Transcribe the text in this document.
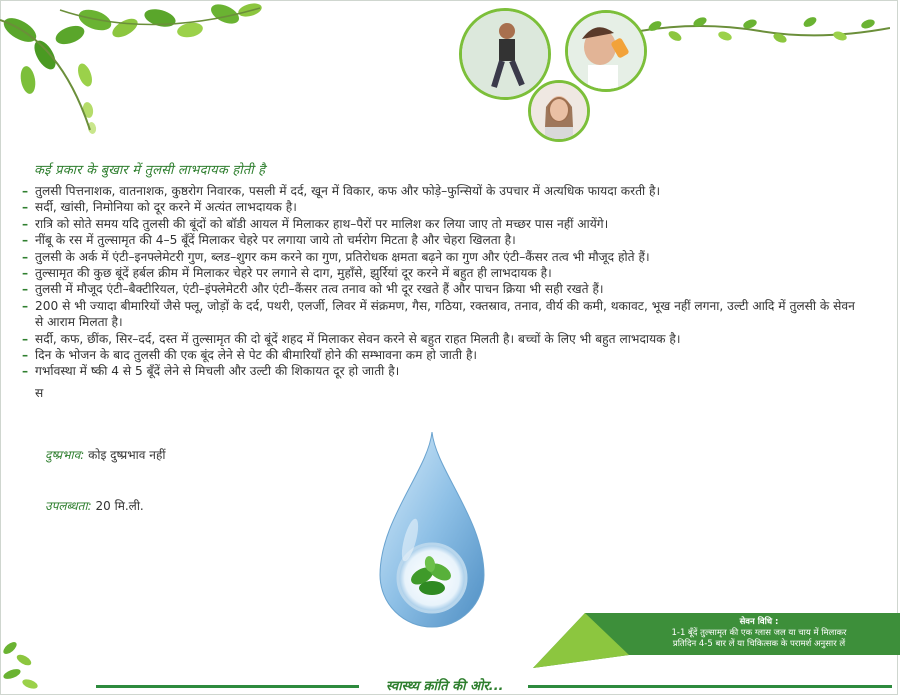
कई प्रकार के बुखार में तुलसी लाभदायक होती है
– तुलसी पित्तनाशक, वातनाशक, कुष्ठरोग निवारक, पसली में दर्द, खून में विकार, कफ और फोड़े–फुन्सियों के उपचार में अत्यधिक फायदा करती है।
– सर्दी, खांसी, निमोनिया को दूर करने में अत्यंत लाभदायक है।
– रात्रि को सोते समय यदि तुलसी की बूंदों को बॉडी आयल में मिलाकर हाथ–पैरों पर मालिश कर लिया जाए तो मच्छर पास नहीं आयेंगे।
– नींबू के रस में तुल्सामृत की 4–5 बूँदें मिलाकर चेहरे पर लगाया जाये तो चर्मरोग मिटता है और चेहरा खिलता है।
– तुलसी के अर्क में एंटी–इनफ्लेमेटरी गुण, ब्लड–शुगर कम करने का गुण, प्रतिरोधक क्षमता बढ़ने का गुण और एंटी–कैंसर तत्व भी मौजूद होते हैं।
– तुल्सामृत की कुछ बूंदें हर्बल क्रीम में मिलाकर चेहरे पर लगाने से दाग, मुहाँसे, झुर्रियां दूर करने में बहुत ही लाभदायक है।
– तुलसी में मौजूद एंटी–बैक्टीरियल, एंटी–इंफ्लेमेटरी और एंटी–कैंसर तत्व तनाव को भी दूर रखते हैं और पाचन क्रिया भी सही रखते हैं।
– 200 से भी ज्यादा बीमारियों जैसे फ्लू, जोड़ों के दर्द, पथरी, एलर्जी, लिवर में संक्रमण, गैस, गठिया, रक्तस्राव, तनाव, वीर्य की कमी, थकावट, भूख नहीं लगना, उल्टी आदि में तुलसी के सेवन से आराम मिलता है।
– सर्दी, कफ, छींक, सिर–दर्द, दस्त में तुल्सामृत की दो बूंदें शहद में मिलाकर सेवन करने से बहुत राहत मिलती है। बच्चों के लिए भी बहुत लाभदायक है।
– दिन के भोजन के बाद तुलसी की एक बूंद लेने से पेट की बीमारियाँ होने की सम्भावना कम हो जाती है।
– गर्भावस्था में ष्की 4 से 5 बूँदें लेने से मिचली और उल्टी की शिकायत दूर हो जाती है।
स
दुष्प्रभाव: कोइ दुष्प्रभाव नहीं
उपलब्धता: 20 मि.ली.
सेवन विधि :
1-1 बूँदें तुल्सामृत की एक ग्लास जल या चाय में मिलाकर
प्रतिदिन 4-5 बार लें या चिकित्सक के परामर्श अनुसार लें
स्वास्थ्य क्रांति की ओर...
